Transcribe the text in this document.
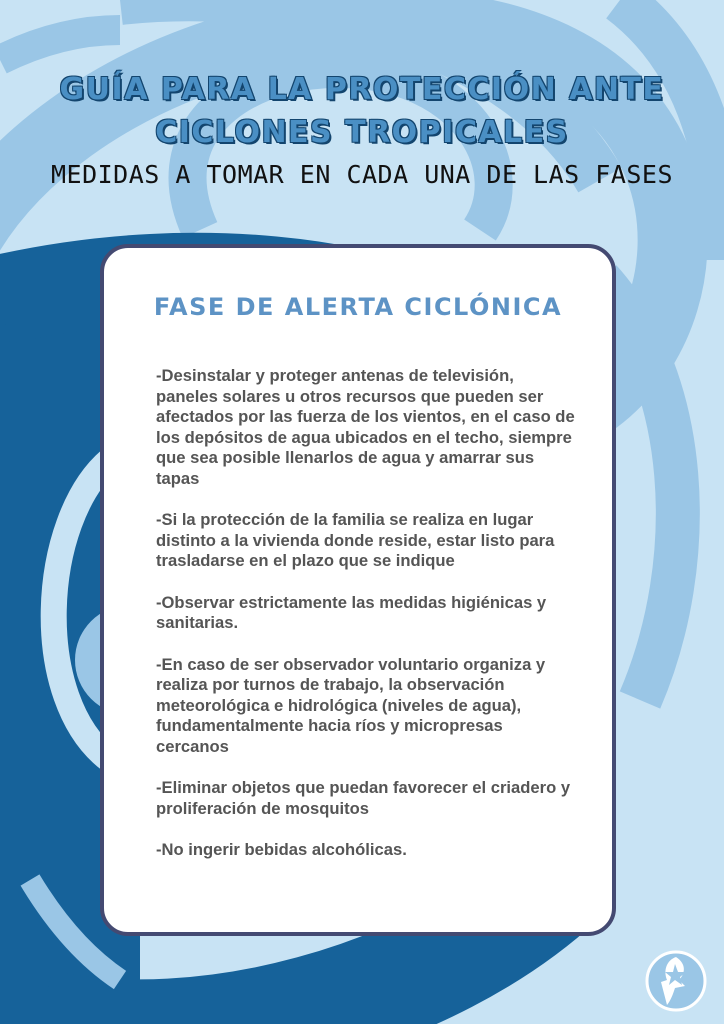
GUÍA PARA LA PROTECCIÓN ANTE
CICLONES TROPICALES
MEDIDAS A TOMAR EN CADA UNA DE LAS FASES
FASE DE ALERTA CICLÓNICA
-Desinstalar y proteger antenas de televisión, paneles solares u otros recursos que pueden ser afectados por las fuerza de los vientos, en el caso de los depósitos de agua ubicados en el techo, siempre que sea posible llenarlos de agua y amarrar sus tapas
-Si la protección de la familia se realiza en lugar distinto a la vivienda donde reside, estar listo para trasladarse en el plazo que se indique
-Observar estrictamente las medidas higiénicas y sanitarias.
-En caso de ser observador voluntario organiza y realiza por turnos de trabajo, la observación meteorológica e hidrológica (niveles de agua), fundamentalmente hacia ríos y micropresas cercanos
-Eliminar objetos que puedan favorecer el criadero y proliferación de mosquitos
-No ingerir bebidas alcohólicas.
